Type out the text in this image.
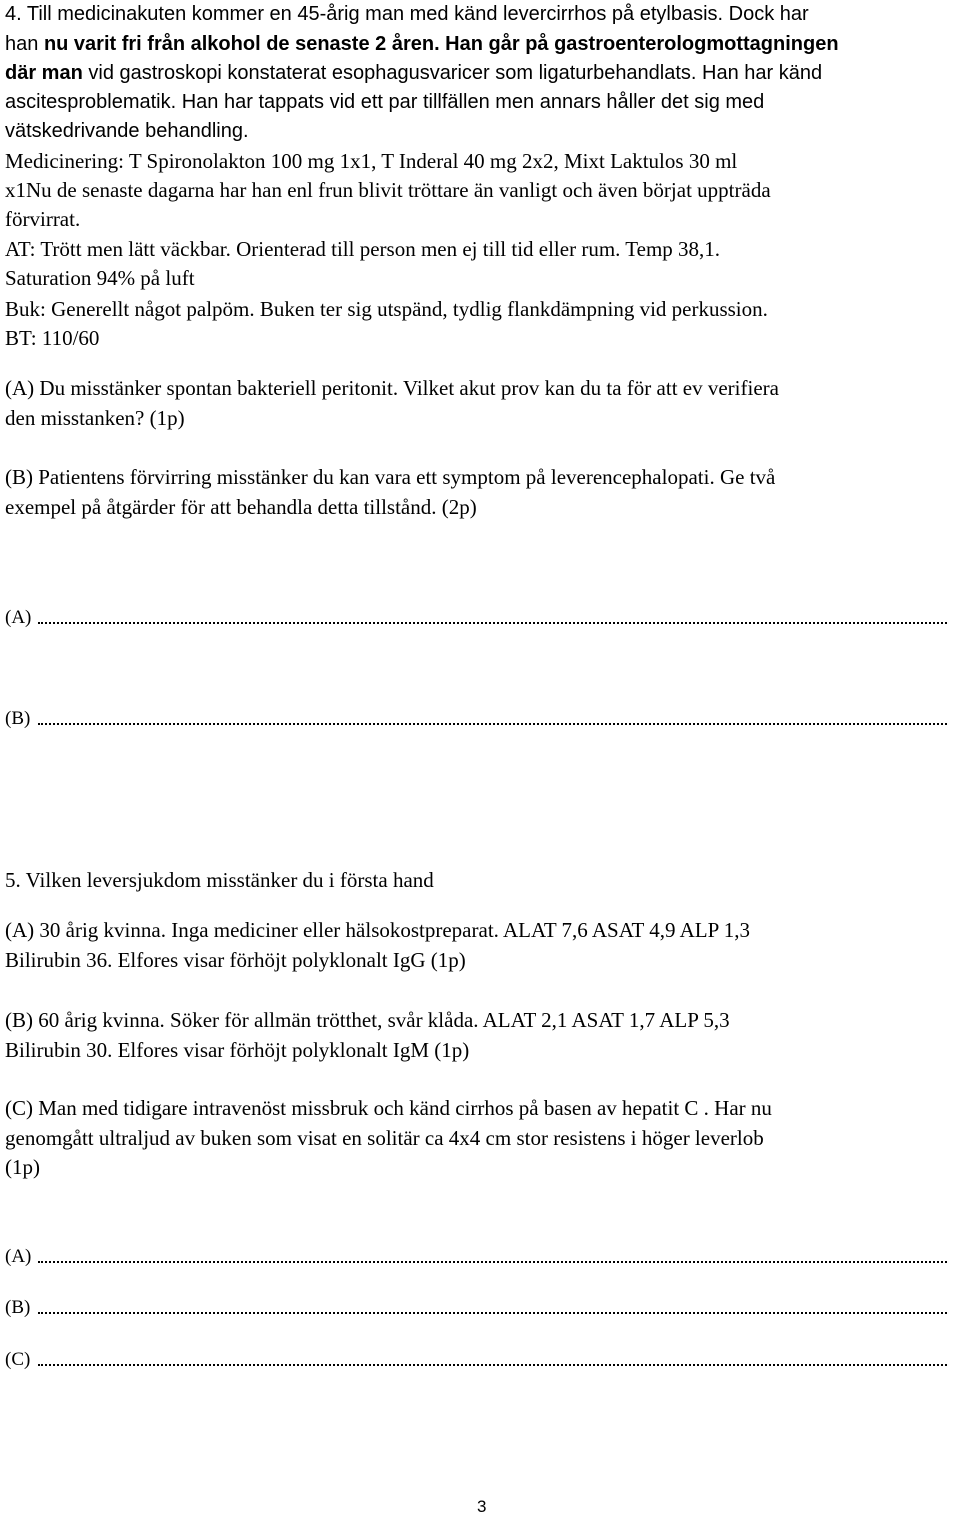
4. Till medicinakuten kommer en 45-årig man med känd levercirrhos på etylbasis. Dock har
han nu varit fri från alkohol de senaste 2 åren. Han går på gastroenterologmottagningen
där man vid gastroskopi konstaterat esophagusvaricer som ligaturbehandlats. Han har känd
ascitesproblematik. Han har tappats vid ett par tillfällen men annars håller det sig med
vätskedrivande behandling.
Medicinering: T Spironolakton 100 mg 1x1, T Inderal 40 mg 2x2, Mixt Laktulos 30 ml
x1Nu de senaste dagarna har han enl frun blivit tröttare än vanligt och även börjat uppträda
förvirrat.
AT: Trött men lätt väckbar. Orienterad till person men ej till tid eller rum. Temp 38,1.
Saturation 94% på luft
Buk: Generellt något palpöm. Buken ter sig utspänd, tydlig flankdämpning vid perkussion.
BT: 110/60
(A) Du misstänker spontan bakteriell peritonit. Vilket akut prov kan du ta för att ev verifiera
den misstanken? (1p)
(B) Patientens förvirring misstänker du kan vara ett symptom på leverencephalopati. Ge två
exempel på åtgärder för att behandla detta tillstånd. (2p)
(A)
(B)
5. Vilken leversjukdom misstänker du i första hand
(A) 30 årig kvinna. Inga mediciner eller hälsokostpreparat. ALAT 7,6 ASAT 4,9 ALP 1,3
Bilirubin 36. Elfores visar förhöjt polyklonalt IgG (1p)
(B) 60 årig kvinna. Söker för allmän trötthet, svår klåda. ALAT 2,1 ASAT 1,7 ALP 5,3
Bilirubin 30. Elfores visar förhöjt polyklonalt IgM (1p)
(C) Man med tidigare intravenöst missbruk och känd cirrhos på basen av hepatit C . Har nu
genomgått ultraljud av buken som visat en solitär ca 4x4 cm stor resistens i höger leverlob
(1p)
(A)
(B)
(C)
3
